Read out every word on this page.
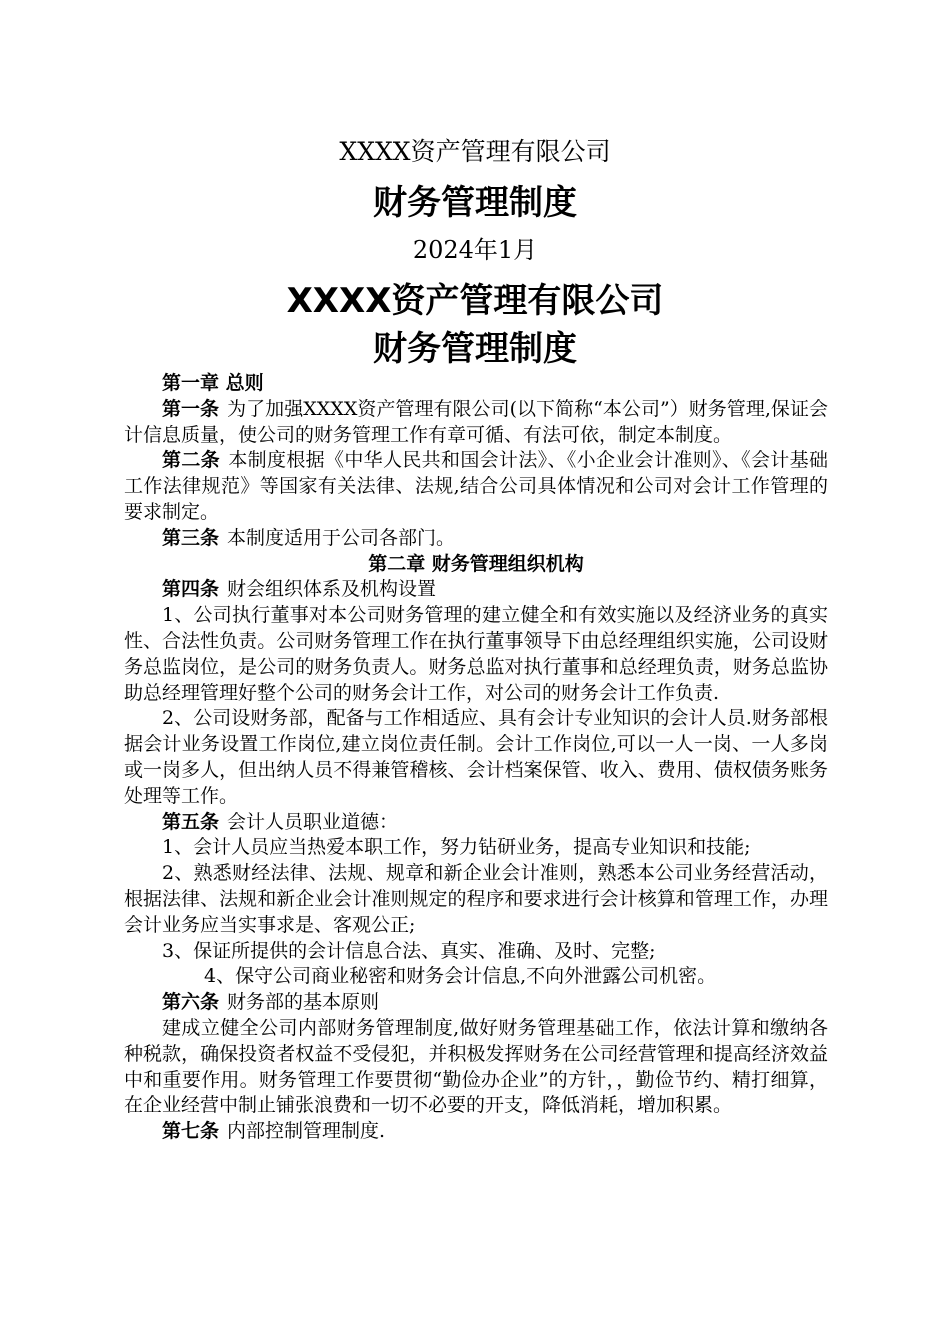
XXXX资产管理有限公司
财务管理制度
2024年1月
XXXX资产管理有限公司
财务管理制度

第一章 总则

第一条 为了加强XXXX资产管理有限公司(以下简称“本公司”）财务管理,保证会计信息质量，使公司的财务管理工作有章可循、有法可依，制定本制度。

第二条 本制度根据《中华人民共和国会计法》、《小企业会计准则》、《会计基础工作法律规范》等国家有关法律、法规,结合公司具体情况和公司对会计工作管理的要求制定。

第三条 本制度适用于公司各部门。

第二章 财务管理组织机构

第四条 财会组织体系及机构设置

1、公司执行董事对本公司财务管理的建立健全和有效实施以及经济业务的真实性、合法性负责。公司财务管理工作在执行董事领导下由总经理组织实施，公司设财务总监岗位，是公司的财务负责人。财务总监对执行董事和总经理负责，财务总监协助总经理管理好整个公司的财务会计工作，对公司的财务会计工作负责.

2、公司设财务部，配备与工作相适应、具有会计专业知识的会计人员.财务部根据会计业务设置工作岗位,建立岗位责任制。会计工作岗位,可以一人一岗、一人多岗或一岗多人，但出纳人员不得兼管稽核、会计档案保管、收入、费用、债权债务账务处理等工作。

第五条 会计人员职业道德：

1、会计人员应当热爱本职工作，努力钻研业务，提高专业知识和技能;

2、熟悉财经法律、法规、规章和新企业会计准则，熟悉本公司业务经营活动，根据法律、法规和新企业会计准则规定的程序和要求进行会计核算和管理工作，办理会计业务应当实事求是、客观公正;

3、保证所提供的会计信息合法、真实、准确、及时、完整;

4、保守公司商业秘密和财务会计信息,不向外泄露公司机密。

第六条 财务部的基本原则

建成立健全公司内部财务管理制度,做好财务管理基础工作，依法计算和缴纳各种税款，确保投资者权益不受侵犯，并积极发挥财务在公司经营管理和提高经济效益中和重要作用。财务管理工作要贯彻“勤俭办企业”的方针，，勤俭节约、精打细算，在企业经营中制止铺张浪费和一切不必要的开支，降低消耗，增加积累。

第七条 内部控制管理制度.
